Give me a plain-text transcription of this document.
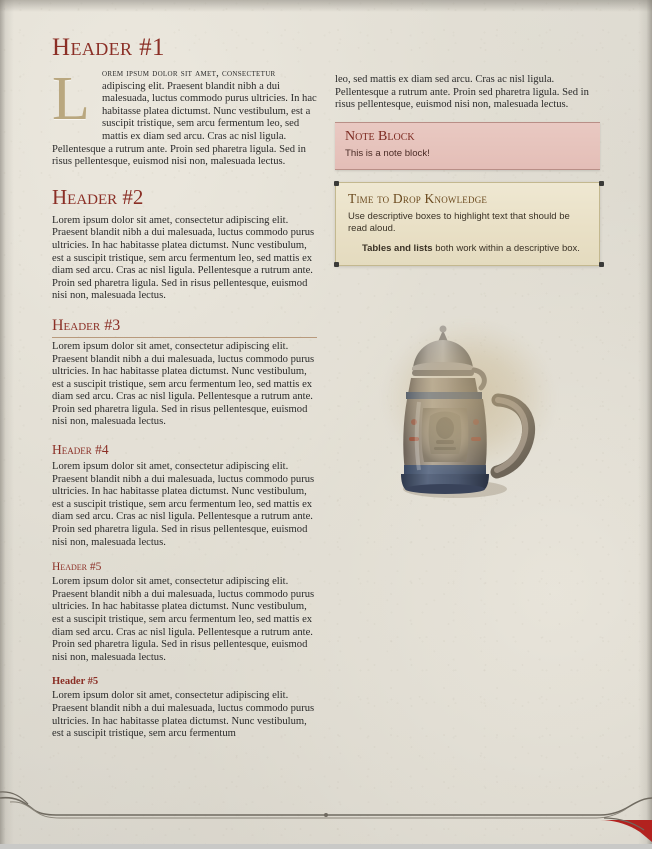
Header #1
L	orem ipsum dolor sit amet, consectetur adipiscing elit. Praesent blandit nibh a dui malesuada, luctus commodo purus ultricies. In hac habitasse platea dictumst. Nunc vestibulum, est a suscipit tristique, sem arcu fermentum leo, sed mattis ex diam sed arcu. Cras ac nisl ligula. Pellentesque a rutrum ante. Proin sed pharetra ligula. Sed in risus pellentesque, euismod nisi non, malesuada lectus.

Header #2

Lorem ipsum dolor sit amet, consectetur adipiscing elit. Praesent blandit nibh a dui malesuada, luctus commodo purus ultricies. In hac habitasse platea dictumst. Nunc vestibulum, est a suscipit tristique, sem arcu fermentum leo, sed mattis ex diam sed arcu. Cras ac nisl ligula. Pellentesque a rutrum ante. Proin sed pharetra ligula. Sed in risus pellentesque, euismod nisi non, malesuada lectus.

Header #3

Lorem ipsum dolor sit amet, consectetur adipiscing elit. Praesent blandit nibh a dui malesuada, luctus commodo purus ultricies. In hac habitasse platea dictumst. Nunc vestibulum, est a suscipit tristique, sem arcu fermentum leo, sed mattis ex diam sed arcu. Cras ac nisl ligula. Pellentesque a rutrum ante. Proin sed pharetra ligula. Sed in risus pellentesque, euismod nisi non, malesuada lectus.

Header #4

Lorem ipsum dolor sit amet, consectetur adipiscing elit. Praesent blandit nibh a dui malesuada, luctus commodo purus ultricies. In hac habitasse platea dictumst. Nunc vestibulum, est a suscipit tristique, sem arcu fermentum leo, sed mattis ex diam sed arcu. Cras ac nisl ligula. Pellentesque a rutrum ante. Proin sed pharetra ligula. Sed in risus pellentesque, euismod nisi non, malesuada lectus.

Header #5

Lorem ipsum dolor sit amet, consectetur adipiscing elit. Praesent blandit nibh a dui malesuada, luctus commodo purus ultricies. In hac habitasse platea dictumst. Nunc vestibulum, est a suscipit tristique, sem arcu fermentum leo, sed mattis ex diam sed arcu. Cras ac nisl ligula. Pellentesque a rutrum ante. Proin sed pharetra ligula. Sed in risus pellentesque, euismod nisi non, malesuada lectus.

Header #5

Lorem ipsum dolor sit amet, consectetur adipiscing elit. Praesent blandit nibh a dui malesuada, luctus commodo purus ultricies. In hac habitasse platea dictumst. Nunc vestibulum, est a suscipit tristique, sem arcu fermentum

leo, sed mattis ex diam sed arcu. Cras ac nisl ligula. Pellentesque a rutrum ante. Proin sed pharetra ligula. Sed in risus pellentesque, euismod nisi non, malesuada lectus.

Note Block

This is a note block!

Time to Drop Knowledge

Use descriptive boxes to highlight text that should be read aloud.

Tables and lists both work within a descriptive box.
